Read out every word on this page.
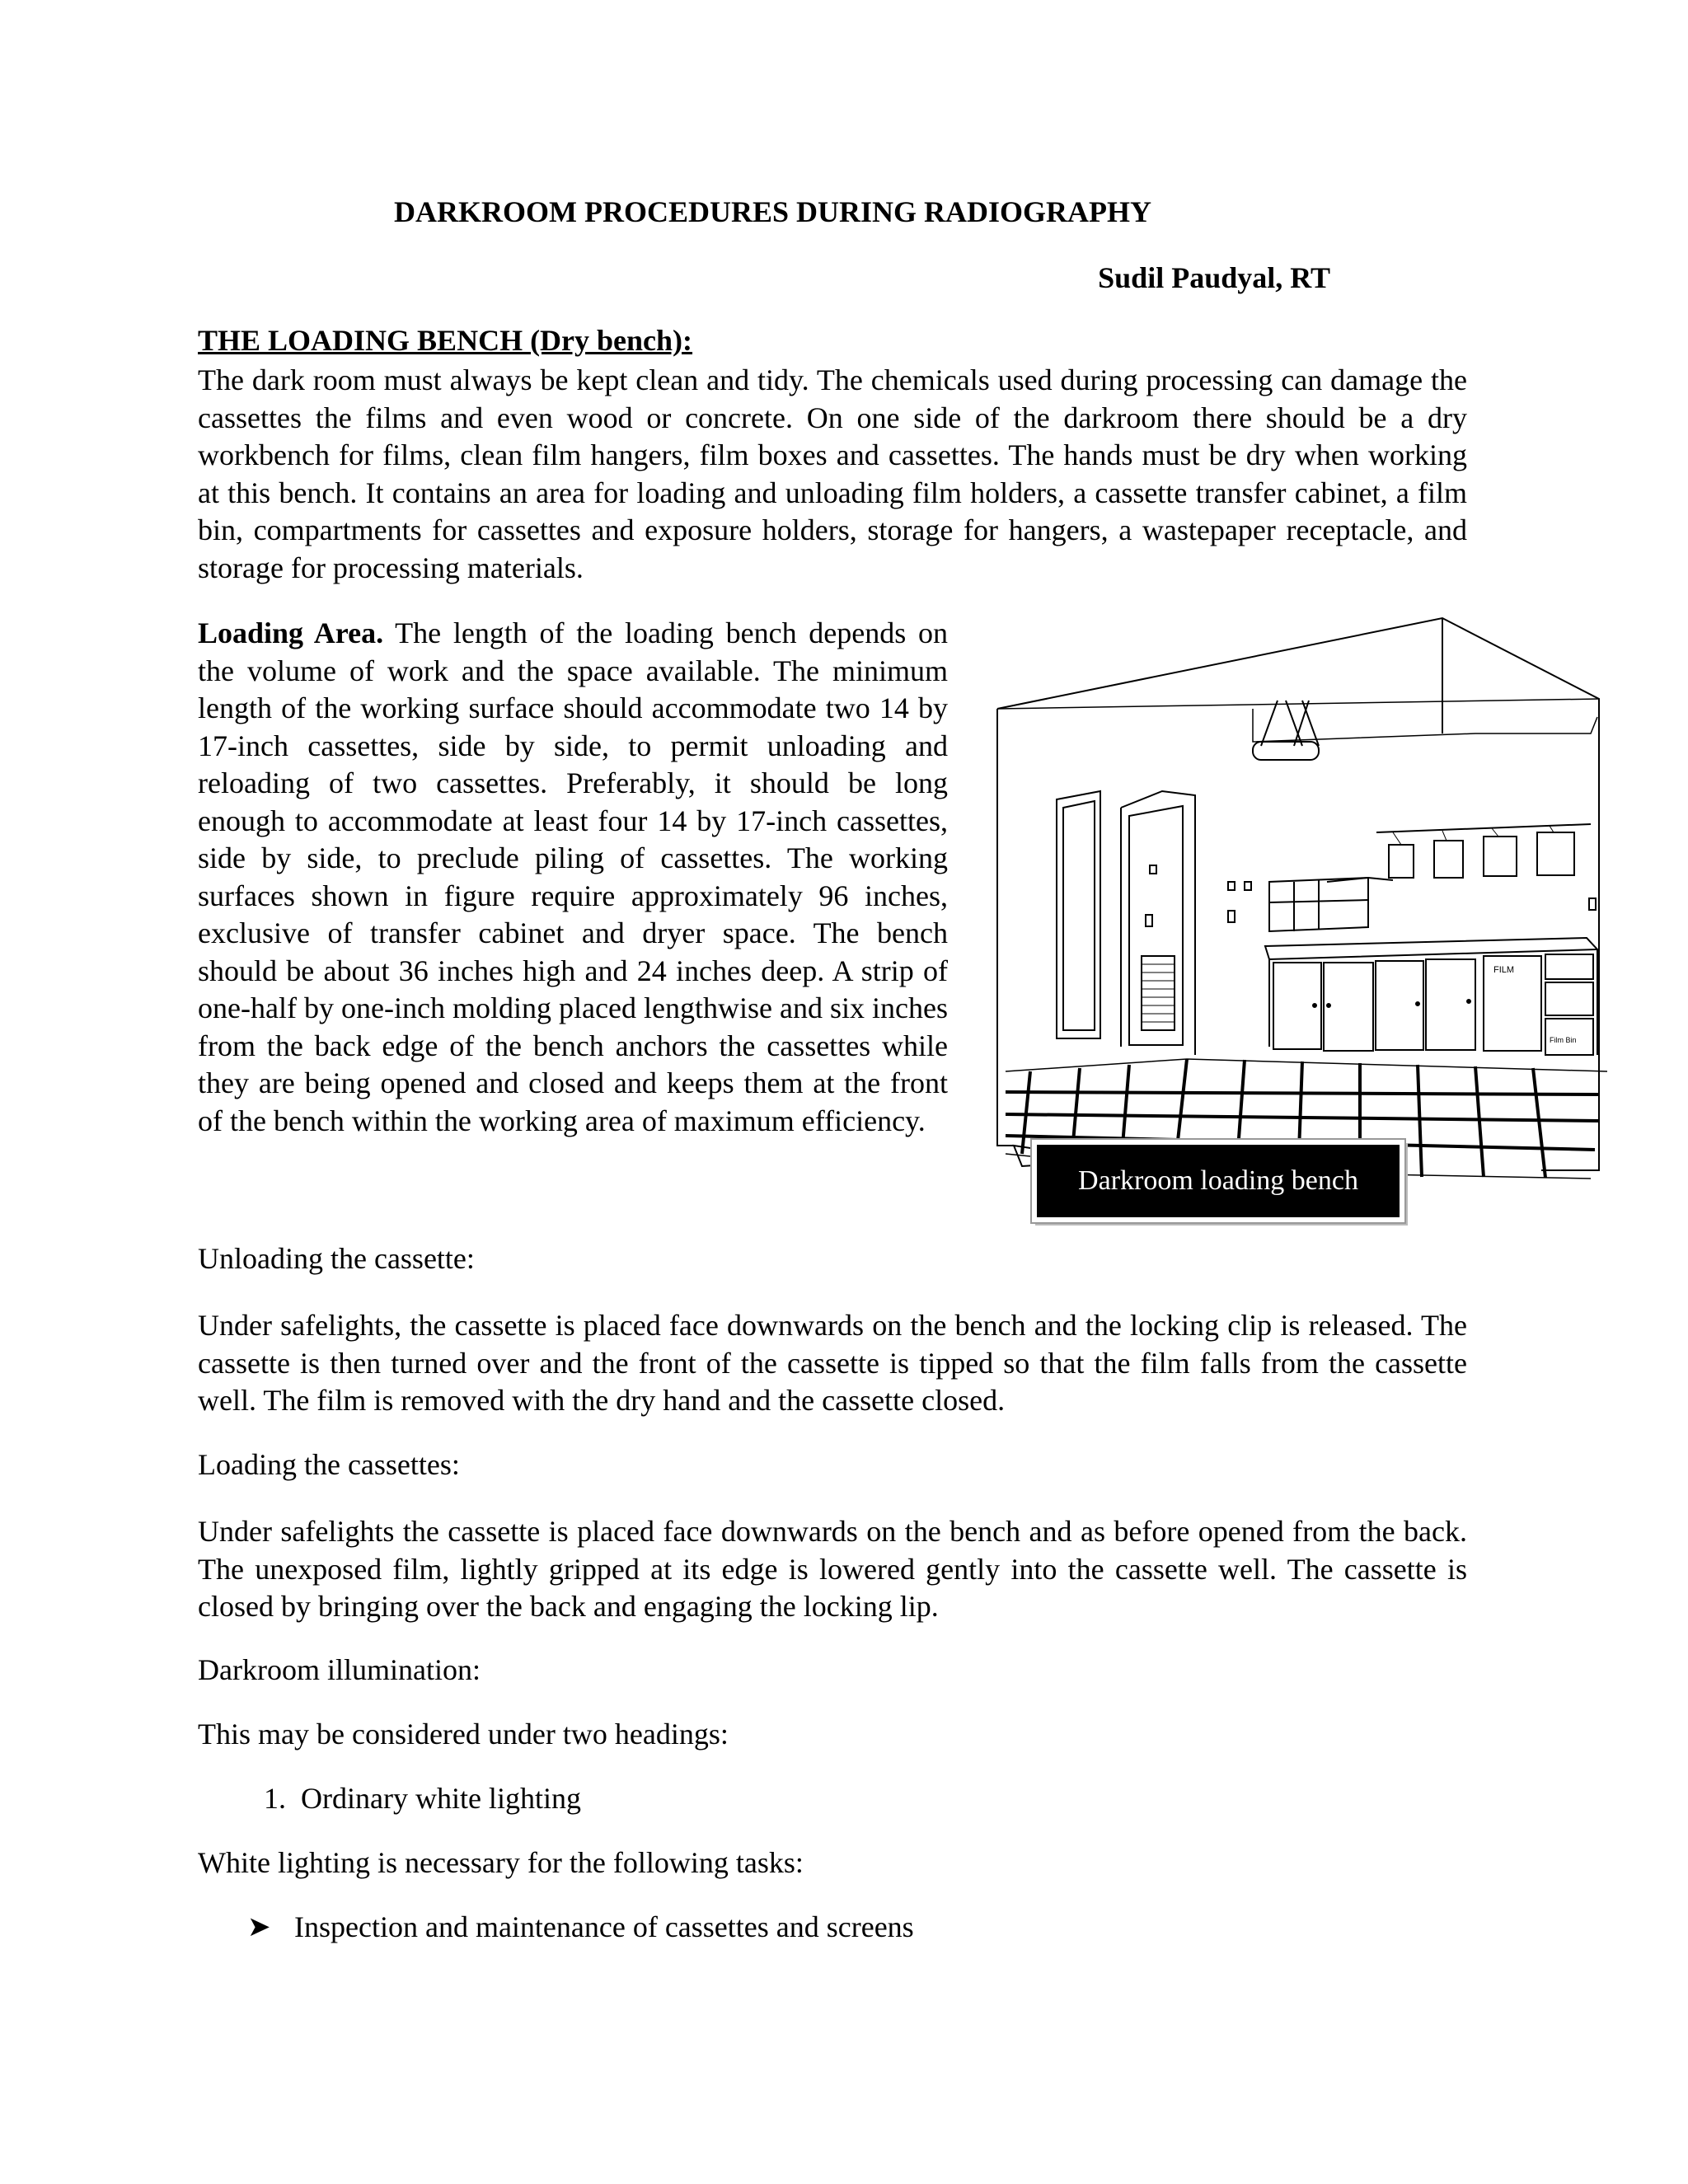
DARKROOM PROCEDURES DURING RADIOGRAPHY
Sudil Paudyal, RT
THE LOADING BENCH (Dry bench):

The dark room must always be kept clean and tidy. The chemicals used during processing can damage the cassettes the films and even wood or concrete. On one side of the darkroom there should be a dry workbench for films, clean film hangers, film boxes and cassettes. The hands must be dry when working at this bench. It contains an area for loading and unloading film holders, a cassette transfer cabinet, a film bin, compartments for cassettes and exposure holders, storage for hangers, a wastepaper receptacle, and storage for processing materials.

Loading Area. The length of the loading bench depends on the volume of work and the space available. The minimum length of the working surface should accommodate two 14 by 17-inch cassettes, side by side, to permit unloading and reloading of two cassettes. Preferably, it should be long enough to accommodate at least four 14 by 17-inch cassettes, side by side, to preclude piling of cassettes. The working surfaces shown in figure require approximately 96 inches, exclusive of transfer cabinet and dryer space. The bench should be about 36 inches high and 24 inches deep. A strip of one-half by one-inch molding placed lengthwise and six inches from the back edge of the bench anchors the cassettes while they are being opened and closed and keeps them at the front of the bench within the working area of maximum efficiency.

FILM
Film Bin
Darkroom loading bench
Unloading the cassette:

Under safelights, the cassette is placed face downwards on the bench and the locking clip is released. The cassette is then turned over and the front of the cassette is tipped so that the film falls from the cassette well. The film is removed with the dry hand and the cassette closed.

Loading the cassettes:

Under safelights the cassette is placed face downwards on the bench and as before opened from the back. The unexposed film, lightly gripped at its edge is lowered gently into the cassette well. The cassette is closed by bringing over the back and engaging the locking lip.

Darkroom illumination:
This may be considered under two headings:
1.  Ordinary white lighting
White lighting is necessary for the following tasks:
➤ Inspection and maintenance of cassettes and screens
